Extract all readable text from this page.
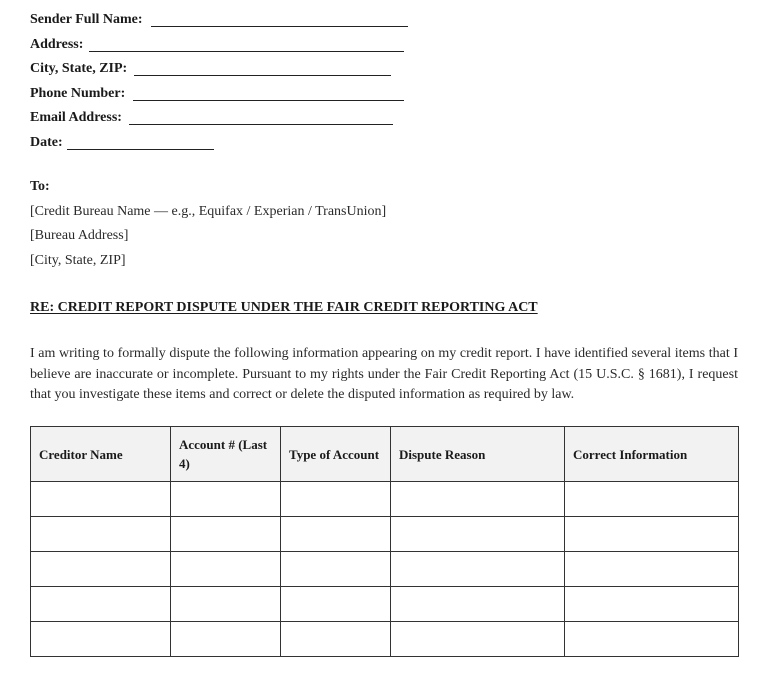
Sender Full Name:
Address:
City, State, ZIP:
Phone Number:
Email Address:
Date:
To:
[Credit Bureau Name — e.g., Equifax / Experian / TransUnion]
[Bureau Address]
[City, State, ZIP]
RE: CREDIT REPORT DISPUTE UNDER THE FAIR CREDIT REPORTING ACT
I am writing to formally dispute the following information appearing on my credit report. I have identified several items that I believe are inaccurate or incomplete. Pursuant to my rights under the Fair Credit Reporting Act (15 U.S.C. § 1681), I request that you investigate these items and correct or delete the disputed information as required by law.
Creditor Name	Account # (Last 4)	Type of Account	Dispute Reason	Correct Information
